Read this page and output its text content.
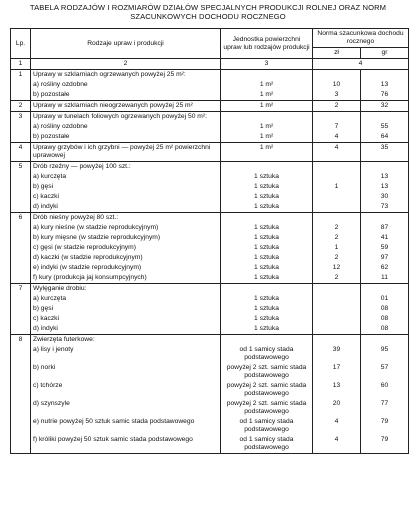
TABELA RODZAJÓW I ROZMIARÓW DZIAŁÓW SPECJALNYCH PRODUKCJI ROLNEJ ORAZ NORM
SZACUNKOWYCH DOCHODU ROCZNEGO
Lp.	Rodzaje upraw i produkcji	Jednostka powierzchni upraw lub rodzajów produkcji	Norma szacunkowa dochodu rocznego	
			zł	gr
1	2	3	4	
1	Uprawy w szklarniach ogrzewanych powyżej 25 m²:			
	a) rośliny ozdobne	1 m²	10	13
	b) pozostałe	1 m²	3	76
2	Uprawy w szklarniach nieogrzewanych powyżej 25 m²	1 m²	2	32
3	Uprawy w tunelach foliowych ogrzewanych powyżej 50 m²:			
	a) rośliny ozdobne	1 m²	7	55
	b) pozostałe	1 m²	4	64
4	Uprawy grzybów i ich grzybni — powyżej 25 m² powierzchni uprawowej	1 m²	4	35
5	Drób rzeźny — powyżej 100 szt.:			
	a) kurczęta	1 sztuka		13
	b) gęsi	1 sztuka	1	13
	c) kaczki	1 sztuka		30
	d) indyki	1 sztuka		73
6	Drób nieśny powyżej 80 szt.:			
	a) kury nieśne (w stadzie reprodukcyjnym)	1 sztuka	2	87
	b) kury mięsne (w stadzie reprodukcyjnym)	1 sztuka	2	41
	c) gęsi (w stadzie reprodukcyjnym)	1 sztuka	1	59
	d) kaczki (w stadzie reprodukcyjnym)	1 sztuka	2	97
	e) indyki (w stadzie reprodukcyjnym)	1 sztuka	12	62
	f) kury (produkcja jaj konsumpcyjnych)	1 sztuka	2	11
7	Wylęganie drobiu:			
	a) kurczęta	1 sztuka		01
	b) gęsi	1 sztuka		08
	c) kaczki	1 sztuka		08
	d) indyki	1 sztuka		08
8	Zwierzęta futerkowe:			
	a) lisy i jenoty	od 1 samicy stada podstawowego	39	95
	b) norki	powyżej 2 szt. samic stada podstawowego	17	57
	c) tchórze	powyżej 2 szt. samic stada podstawowego	13	60
	d) szynszyle	powyżej 2 szt. samic stada podstawowego	20	77
	e) nutrie powyżej 50 sztuk samic stada podstawowego	od 1 samicy stada podstawowego	4	79
	f) króliki powyżej 50 sztuk samic stada podstawowego	od 1 samicy stada podstawowego	4	79
